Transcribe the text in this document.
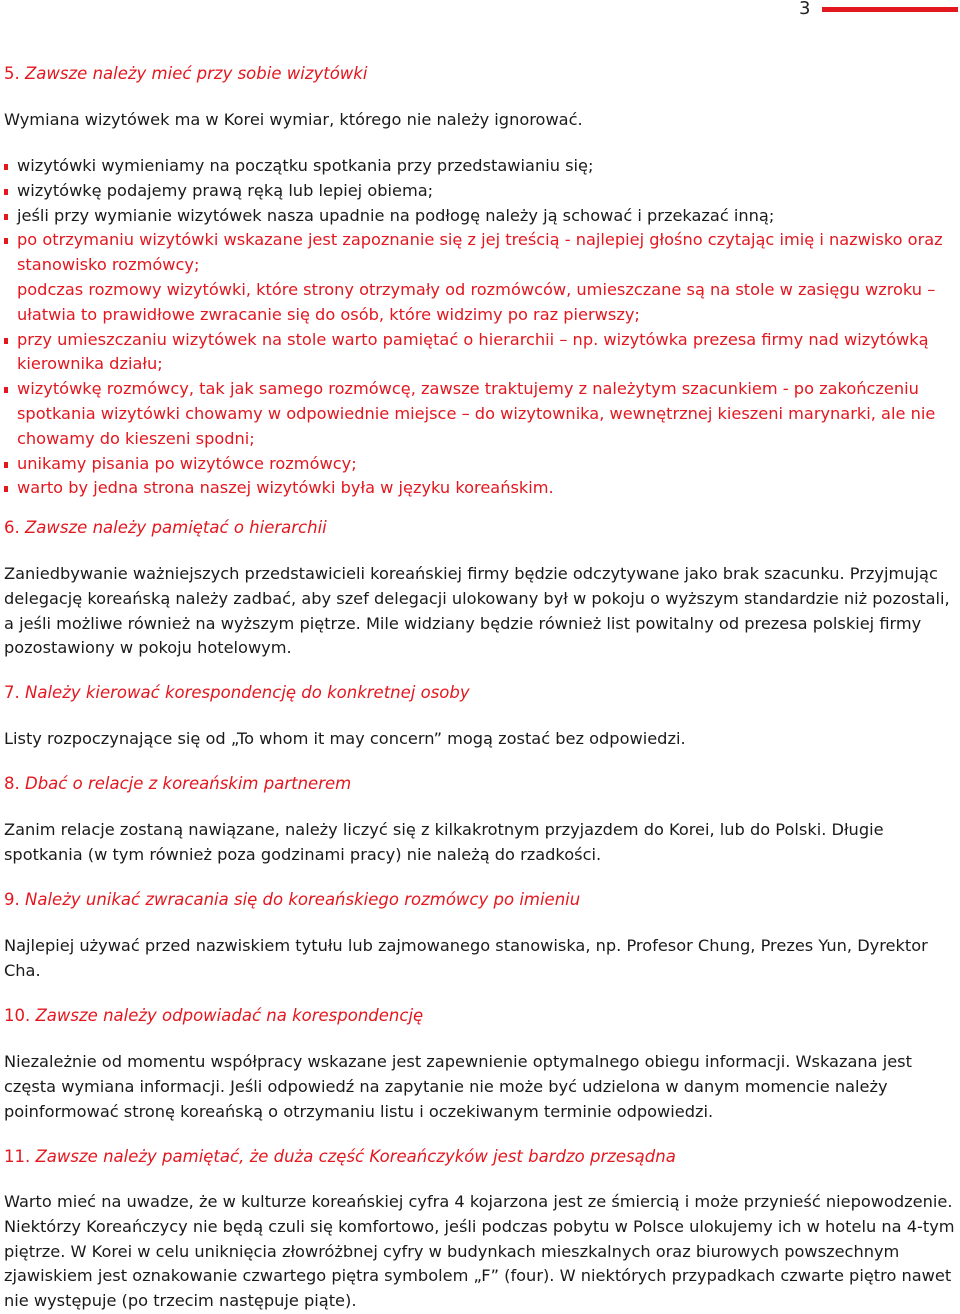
3
5. Zawsze należy mieć przy sobie wizytówki
Wymiana wizytówek ma w Korei wymiar, którego nie należy ignorować.
wizytówki wymieniamy na początku spotkania przy przedstawianiu się;
wizytówkę podajemy prawą ręką lub lepiej obiema;
jeśli przy wymianie wizytówek nasza upadnie na podłogę należy ją schować i przekazać inną;
po otrzymaniu wizytówki wskazane jest zapoznanie się z jej treścią - najlepiej głośno czytając imię i nazwisko oraz stanowisko rozmówcy;
podczas rozmowy wizytówki, które strony otrzymały od rozmówców, umieszczane są na stole w zasięgu wzroku – ułatwia to prawidłowe zwracanie się do osób, które widzimy po raz pierwszy;
przy umieszczaniu wizytówek na stole warto pamiętać o hierarchii – np. wizytówka prezesa firmy nad wizytówką kierownika działu;
wizytówkę rozmówcy, tak jak samego rozmówcę, zawsze traktujemy z należytym szacunkiem - po zakończeniu spotkania wizytówki chowamy w odpowiednie miejsce – do wizytownika, wewnętrznej kieszeni marynarki, ale nie chowamy do kieszeni spodni;
unikamy pisania po wizytówce rozmówcy;
warto by jedna strona naszej wizytówki była w języku koreańskim.
6. Zawsze należy pamiętać o hierarchii
Zaniedbywanie ważniejszych przedstawicieli koreańskiej firmy będzie odczytywane jako brak szacunku. Przyjmując delegację koreańską należy zadbać, aby szef delegacji ulokowany był w pokoju o wyższym standardzie niż pozostali, a jeśli możliwe również na wyższym piętrze. Mile widziany będzie również list powitalny od prezesa polskiej firmy pozostawiony w pokoju hotelowym.
7. Należy kierować korespondencję do konkretnej osoby
Listy rozpoczynające się od „To whom it may concern” mogą zostać bez odpowiedzi.
8. Dbać o relacje z koreańskim partnerem
Zanim relacje zostaną nawiązane, należy liczyć się z kilkakrotnym przyjazdem do Korei, lub do Polski. Długie spotkania (w tym również poza godzinami pracy) nie należą do rzadkości.
9. Należy unikać zwracania się do koreańskiego rozmówcy po imieniu
Najlepiej używać przed nazwiskiem tytułu lub zajmowanego stanowiska, np. Profesor Chung, Prezes Yun, Dyrektor Cha.
10. Zawsze należy odpowiadać na korespondencję
Niezależnie od momentu współpracy wskazane jest zapewnienie optymalnego obiegu informacji. Wskazana jest częsta wymiana informacji. Jeśli odpowiedź na zapytanie nie może być udzielona w danym momencie należy poinformować stronę koreańską o otrzymaniu listu i oczekiwanym terminie odpowiedzi.
11. Zawsze należy pamiętać, że duża część Koreańczyków jest bardzo przesądna
Warto mieć na uwadze, że w kulturze koreańskiej cyfra 4 kojarzona jest ze śmiercią i może przynieść niepowodzenie. Niektórzy Koreańczycy nie będą czuli się komfortowo, jeśli podczas pobytu w Polsce ulokujemy ich w hotelu na 4-tym piętrze. W Korei w celu uniknięcia złowróżbnej cyfry w budynkach mieszkalnych oraz biurowych powszechnym zjawiskiem jest oznakowanie czwartego piętra symbolem „F” (four). W niektórych przypadkach czwarte piętro nawet nie występuje (po trzecim następuje piąte).
